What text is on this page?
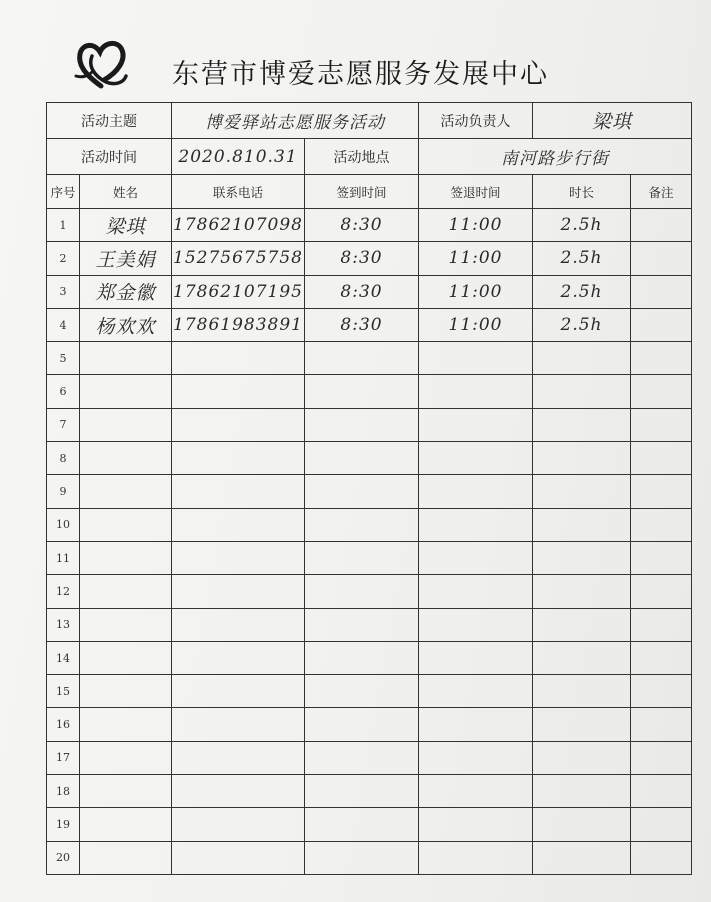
东营市博爱志愿服务发展中心
活动主题		博爱驿站志愿服务活动		活动负责人	梁琪	
活动时间		2020.810.31	活动地点	南河路步行街		
序号	姓名	联系电话	签到时间	签退时间	时长	备注
1	梁琪	17862107098	8:30	11:00	2.5h	
2	王美娟	15275675758	8:30	11:00	2.5h	
3	郑金徽	17862107195	8:30	11:00	2.5h	
4	杨欢欢	17861983891	8:30	11:00	2.5h	
5						
6						
7						
8						
9						
10						
11						
12						
13						
14						
15						
16						
17						
18						
19						
20						
